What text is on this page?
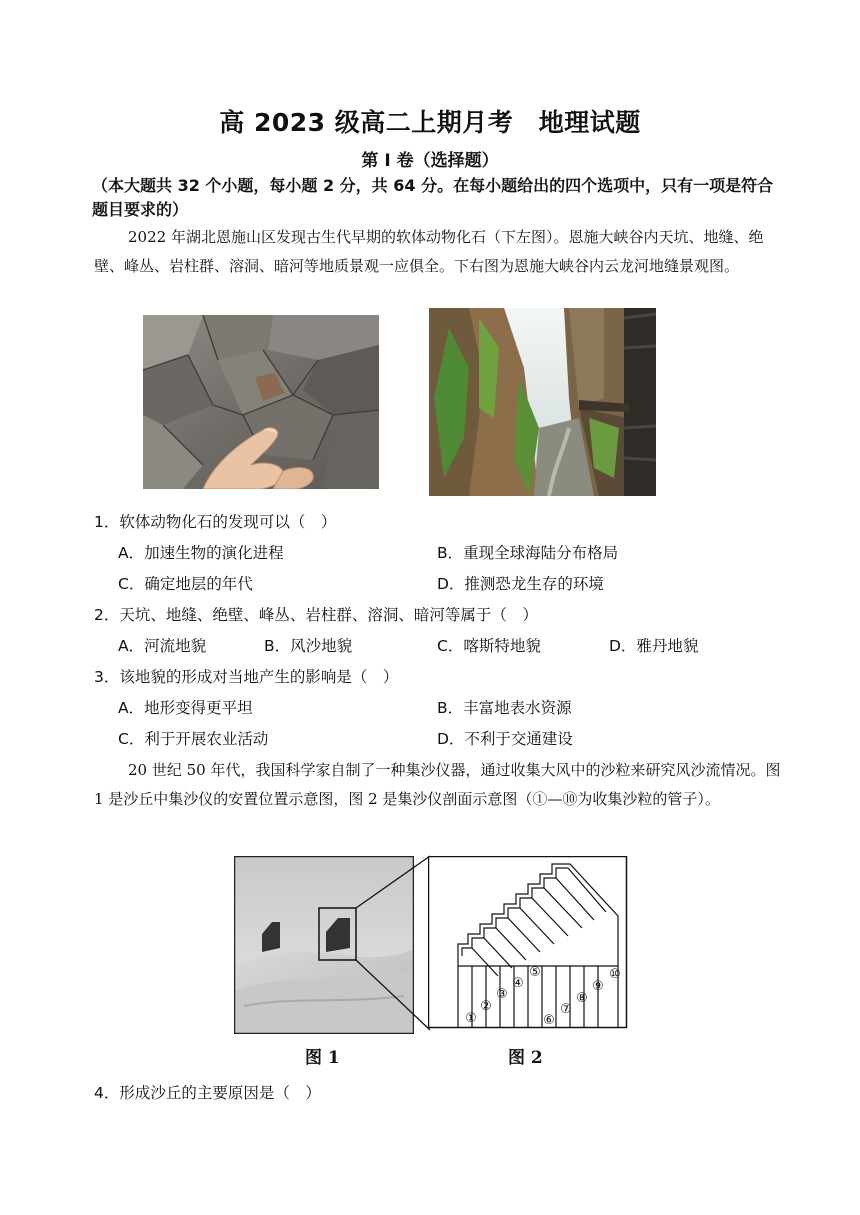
高 2023 级高二上期月考　地理试题
第 I 卷（选择题）
（本大题共 32 个小题，每小题 2 分，共 64 分。在每小题给出的四个选项中，只有一项是符合题目要求的）
2022 年湖北恩施山区发现古生代早期的软体动物化石（下左图）。恩施大峡谷内天坑、地缝、绝壁、峰丛、岩柱群、溶洞、暗河等地质景观一应俱全。下右图为恩施大峡谷内云龙河地缝景观图。
1．软体动物化石的发现可以（　）
A．加速生物的演化进程	B．重现全球海陆分布格局
C．确定地层的年代	D．推测恐龙生存的环境
2．天坑、地缝、绝壁、峰丛、岩柱群、溶洞、暗河等属于（　）
A．河流地貌	B．风沙地貌	C．喀斯特地貌	D．雅丹地貌
3．该地貌的形成对当地产生的影响是（　）
A．地形变得更平坦	B．丰富地表水资源
C．利于开展农业活动	D．不利于交通建设
20 世纪 50 年代，我国科学家自制了一种集沙仪器，通过收集大风中的沙粒来研究风沙流情况。图 1 是沙丘中集沙仪的安置位置示意图，图 2 是集沙仪剖面示意图（①—⑩为收集沙粒的管子）。
①
②
③
④
⑤
⑥
⑦
⑧
⑨
⑩
图 1	图 2
4．形成沙丘的主要原因是（　）
